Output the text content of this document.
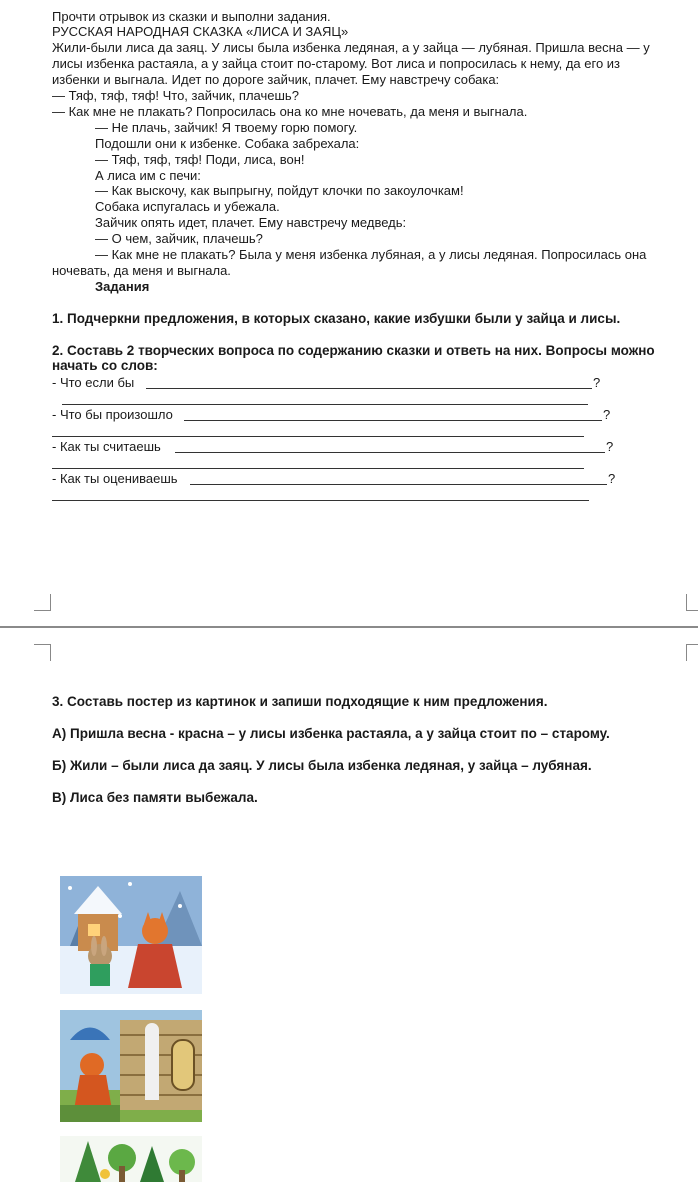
Прочти отрывок из сказки и выполни задания.
РУССКАЯ НАРОДНАЯ СКАЗКА «ЛИСА И ЗАЯЦ»
Жили-были лиса да заяц. У лисы была избенка ледяная, а у зайца — лубяная. Пришла весна — у
лисы избенка растаяла, а у зайца стоит по-старому. Вот лиса и попросилась к нему, да его из
избенки и выгнала. Идет по дороге зайчик, плачет. Ему навстречу собака:
— Тяф, тяф, тяф! Что, зайчик, плачешь?
— Как мне не плакать? Попросилась она ко мне ночевать, да меня и выгнала.
— Не плачь, зайчик! Я твоему горю помогу.
Подошли они к избенке. Собака забрехала:
— Тяф, тяф, тяф! Поди, лиса, вон!
А лиса им с печи:
— Как выскочу, как выпрыгну, пойдут клочки по закоулочкам!
Собака испугалась и убежала.
Зайчик опять идет, плачет. Ему навстречу медведь:
— О чем, зайчик, плачешь?
— Как мне не плакать? Была у меня избенка лубяная, а у лисы ледяная. Попросилась она
ночевать, да меня и выгнала.
Задания
1. Подчеркни предложения, в которых сказано, какие избушки были у зайца и лисы.
2. Составь 2 творческих вопроса по содержанию сказки и ответь на них. Вопросы можно
начать со слов:
- Что если бы	?
- Что бы произошло	?
- Как ты считаешь	?
- Как ты оцениваешь	?
3. Составь постер из картинок и запиши подходящие к ним предложения.
А) Пришла весна - красна – у лисы избенка растаяла, а у зайца стоит по – старому.
Б) Жили – были лиса да заяц. У лисы была избенка ледяная, у зайца – лубяная.
В) Лиса без памяти выбежала.
